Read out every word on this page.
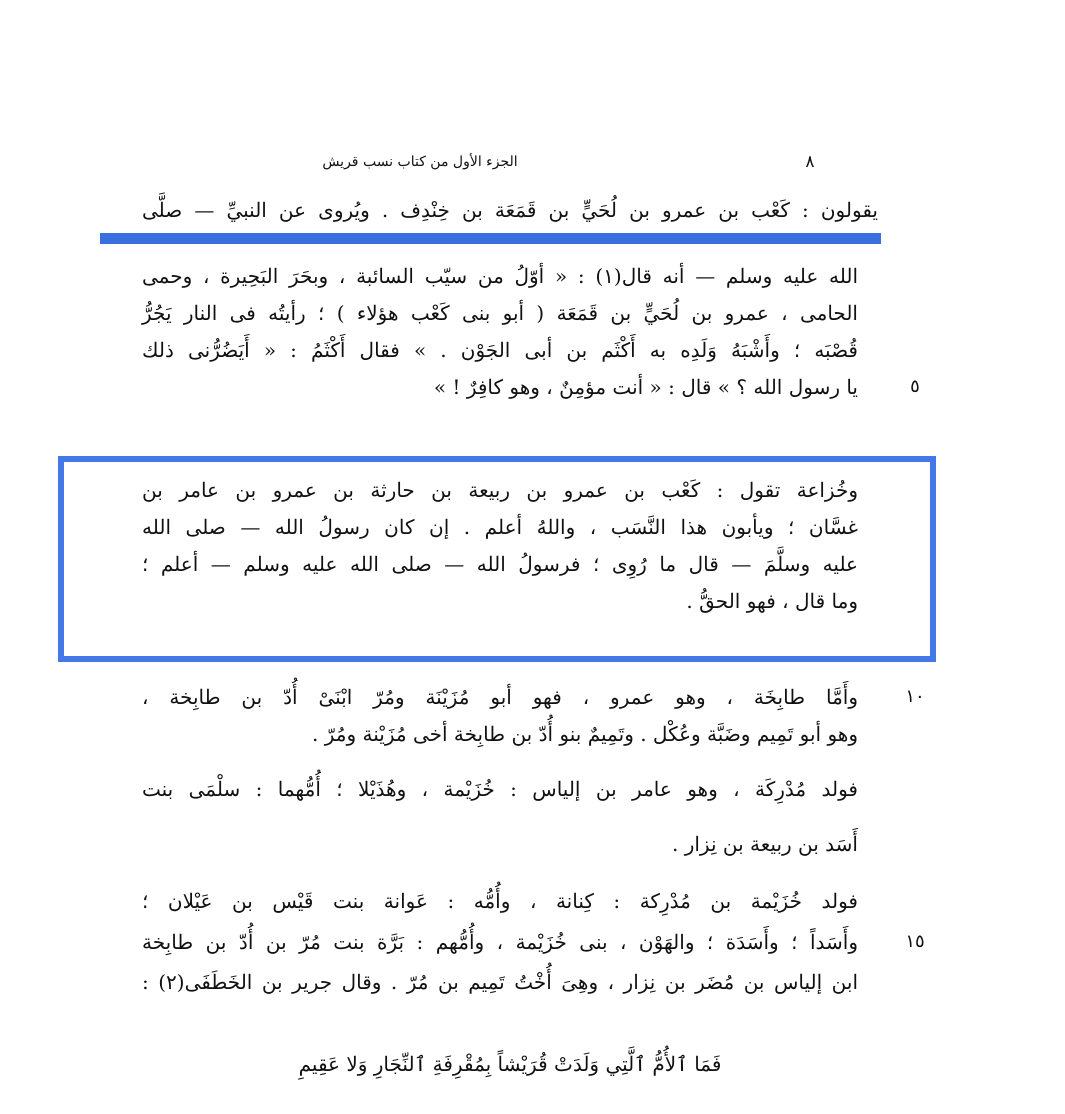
٨
الجزء الأول من كتاب نسب قريش
يقولون : كَعْب بن عمرو بن لُحَيٍّ بن قَمَعَة بن خِنْدِف . ويُروى عن النبيِّ — صلَّى
الله عليه وسلم — أنه قال(١) : « أوّلُ من سيّب السائبة ، وبحَرَ البَحِيرة ، وحمى
الحامى ، عمرو بن لُحَيٍّ بن قَمَعَة ( أبو بنى كَعْب هؤلاء ) ؛ رأيتُه فى النار يَجُرُّ
قُصْبَه ؛ وأَشْبَهُ وَلَدِه به أَكْثَم بن أبى الجَوْن . » فقال أَكْثَمُ : « أَيَضُرُّنى ذلك
يا رسول الله ؟ » قال : « أنت مؤمِنٌ ، وهو كافِرٌ ! »	٥
وخُزاعة تقول : كَعْب بن عمرو بن ربيعة بن حارثة بن عمرو بن عامر بن
غسَّان ؛ ويأبون هذا النَّسَب ، واللهُ أعلم . إن كان رسولُ الله — صلى الله
عليه وسلَّمَ — قال ما رُوِى ؛ فرسولُ الله — صلى الله عليه وسلم — أعلم ؛
وما قال ، فهو الحقُّ .
وأَمَّا طابِخَة ، وهو عمرو ، فهو أبو مُزَيْنَة ومُرّ ابْنَىْ أُدّ بن طابِخة ،	١٠
وهو أبو تَمِيم وضَبَّة وعُكْل . وتَمِيمٌ بنو أُدّ بن طابِخة أخى مُزَيْنة ومُرّ .
فولد مُدْرِكَة ، وهو عامر بن إلياس : خُزَيْمة ، وهُذَيْلا ؛ أُمُّهما : سلْمَى بنت
أَسَد بن ربيعة بن نِزار .
فولد خُزَيْمة بن مُدْرِكة : كِنانة ، وأُمُّه : عَوانة بنت قَيْس بن عَيْلان ؛
وأَسَداً ؛ وأَسَدَة ؛ والهَوْن ، بنى خُزَيْمة ، وأُمُّهم : بَرَّة بنت مُرّ بن أُدّ بن طابِخة	١٥
ابن إلياس بن مُضَر بن نِزار ، وهِىَ أُخْتُ تَمِيم بن مُرّ . وقال جرير بن الخَطَفَى(٢) :
فَمَا ٱلأُمُّ ٱلَّتِي وَلَدَتْ قُرَيْشاً بِمُقْرِفَةِ ٱلنِّجَارِ وَلا عَقِيمِ
